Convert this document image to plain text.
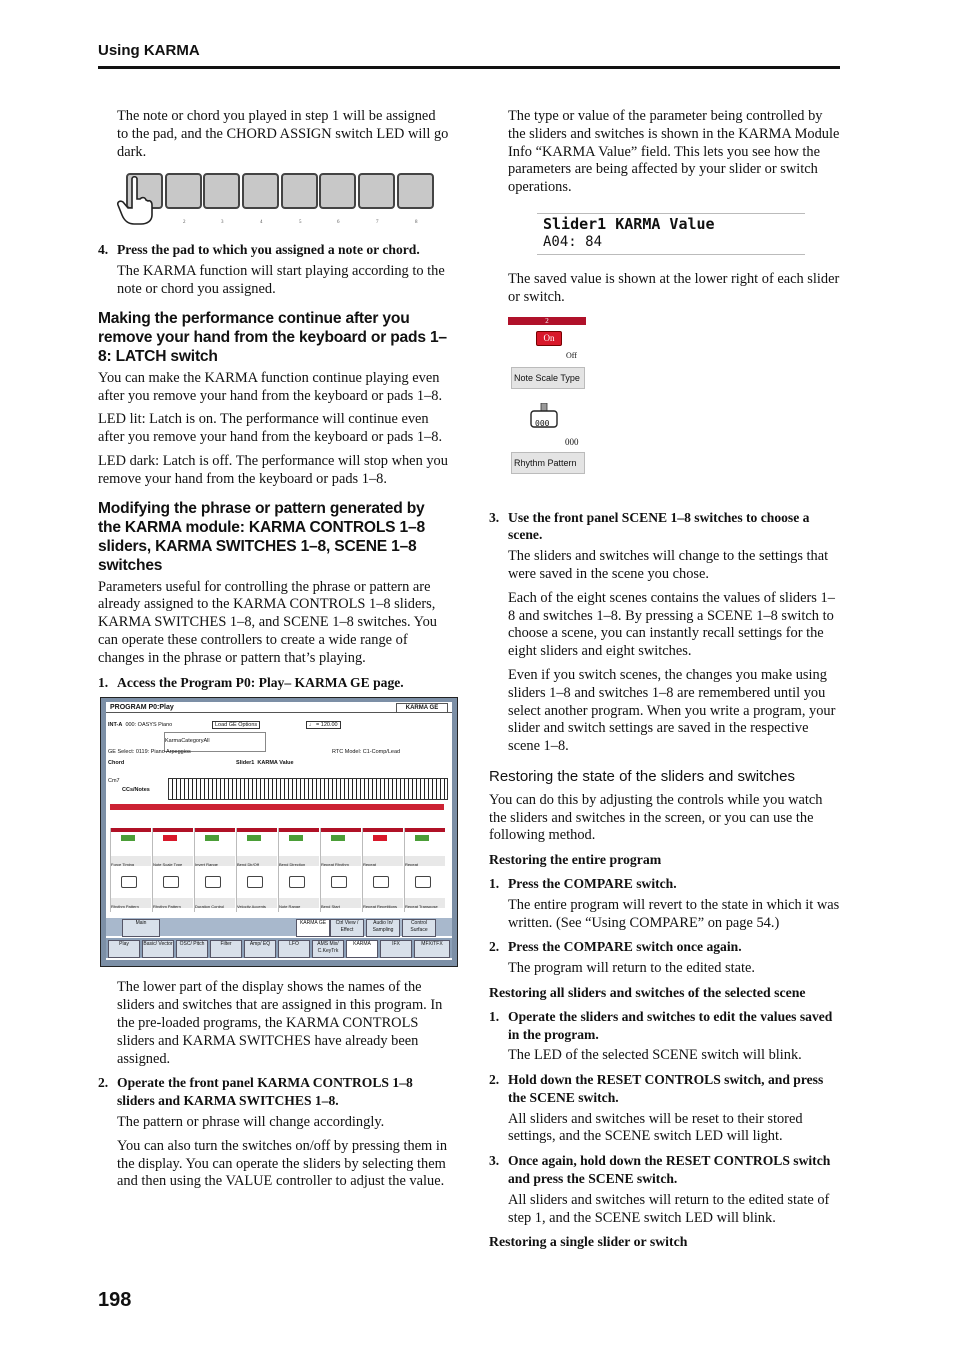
Using KARMA

The note or chord you played in step 1 will be assigned to the pad, and the CHORD ASSIGN switch LED will go dark.

2	3	4	5	6	7	8
4. Press the pad to which you assigned a note or chord.

The KARMA function will start playing according to the note or chord you assigned.

Making the performance continue after you remove your hand from the keyboard or pads 1–8: LATCH switch

You can make the KARMA function continue playing even after you remove your hand from the keyboard or pads 1–8.

LED lit: Latch is on. The performance will continue even after you remove your hand from the keyboard or pads 1–8.

LED dark: Latch is off. The performance will stop when you remove your hand from the keyboard or pads 1–8.

Modifying the phrase or pattern generated by the KARMA module: KARMA CONTROLS 1–8 sliders, KARMA SWITCHES 1–8, SCENE 1–8 switches

Parameters useful for controlling the phrase or pattern are already assigned to the KARMA CONTROLS 1–8 sliders, KARMA SWITCHES 1–8, and SCENE 1–8 switches. You can operate these controllers to create a wide range of changes in the phrase or pattern that’s playing.

1. Access the Program P0: Play– KARMA GE page.
PROGRAM P0:Play	KARMA GE
INT-A 000: OASYS Piano	Load GE Options	♩ = 120.00
KarmaCategoryAll
GE Select: 0119: Piano Arpeggios	RTC Model: C1-Comp/Lead
Chord
Cm7
Slider1 KARMA Value

CCs/Notes
Force Timing
Rhythm Pattern
Note Scale Type
Rhythm Pattern
Invert Range
Duration Control
Bend Dir/Off
Velocity Accents
Bend Direction
Note Range
Repeat Rhythm
Bend Start
Repeat
Repeat Repetitions
Repeat
Repeat Transpose
Main	KARMA GE	Ctrl View / Effect
Audio In/ Sampling
Control Surface
Play	Basic/ Vector	OSC/ Pitch	Filter	Amp/ EQ	LFO	AMS Mix/ C.KeyTrk
KARMA	IFX	MFX/TFX

The lower part of the display shows the names of the sliders and switches that are assigned in this program. In the pre-loaded programs, the KARMA CONTROLS sliders and KARMA SWITCHES have already been assigned.

2. Operate the front panel KARMA CONTROLS 1–8 sliders and KARMA SWITCHES 1–8.

The pattern or phrase will change accordingly.

You can also turn the switches on/off by pressing them in the display. You can operate the sliders by selecting them and then using the VALUE controller to adjust the value.

The type or value of the parameter being controlled by the sliders and switches is shown in the KARMA Module Info “KARMA Value” field. This lets you see how the parameters are being affected by your slider or switch operations.

Slider1 KARMA Value
A04: 84

The saved value is shown at the lower right of each slider or switch.

2
On
Off
Note Scale Type
000
000
Rhythm Pattern
3. Use the front panel SCENE 1–8 switches to choose a scene.

The sliders and switches will change to the settings that were saved in the scene you chose.

Each of the eight scenes contains the values of sliders 1–8 and switches 1–8. By pressing a SCENE 1–8 switch to choose a scene, you can instantly recall settings for the eight sliders and eight switches.

Even if you switch scenes, the changes you make using sliders 1–8 and switches 1–8 are remembered until you select another program. When you write a program, your slider and switch settings are saved in the respective scene 1–8.

Restoring the state of the sliders and switches

You can do this by adjusting the controls while you watch the sliders and switches in the screen, or you can use the following method.

Restoring the entire program
1. Press the COMPARE switch.

The entire program will revert to the state in which it was written. (See “Using COMPARE” on page 54.)

2. Press the COMPARE switch once again.

The program will return to the edited state.

Restoring all sliders and switches of the selected scene
1. Operate the sliders and switches to edit the values saved in the program.

The LED of the selected SCENE switch will blink.

2. Hold down the RESET CONTROLS switch, and press the SCENE switch.

All sliders and switches will be reset to their stored settings, and the SCENE switch LED will light.

3. Once again, hold down the RESET CONTROLS switch and press the SCENE switch.

All sliders and switches will return to the edited state of step 1, and the SCENE switch LED will blink.

Restoring a single slider or switch
198
